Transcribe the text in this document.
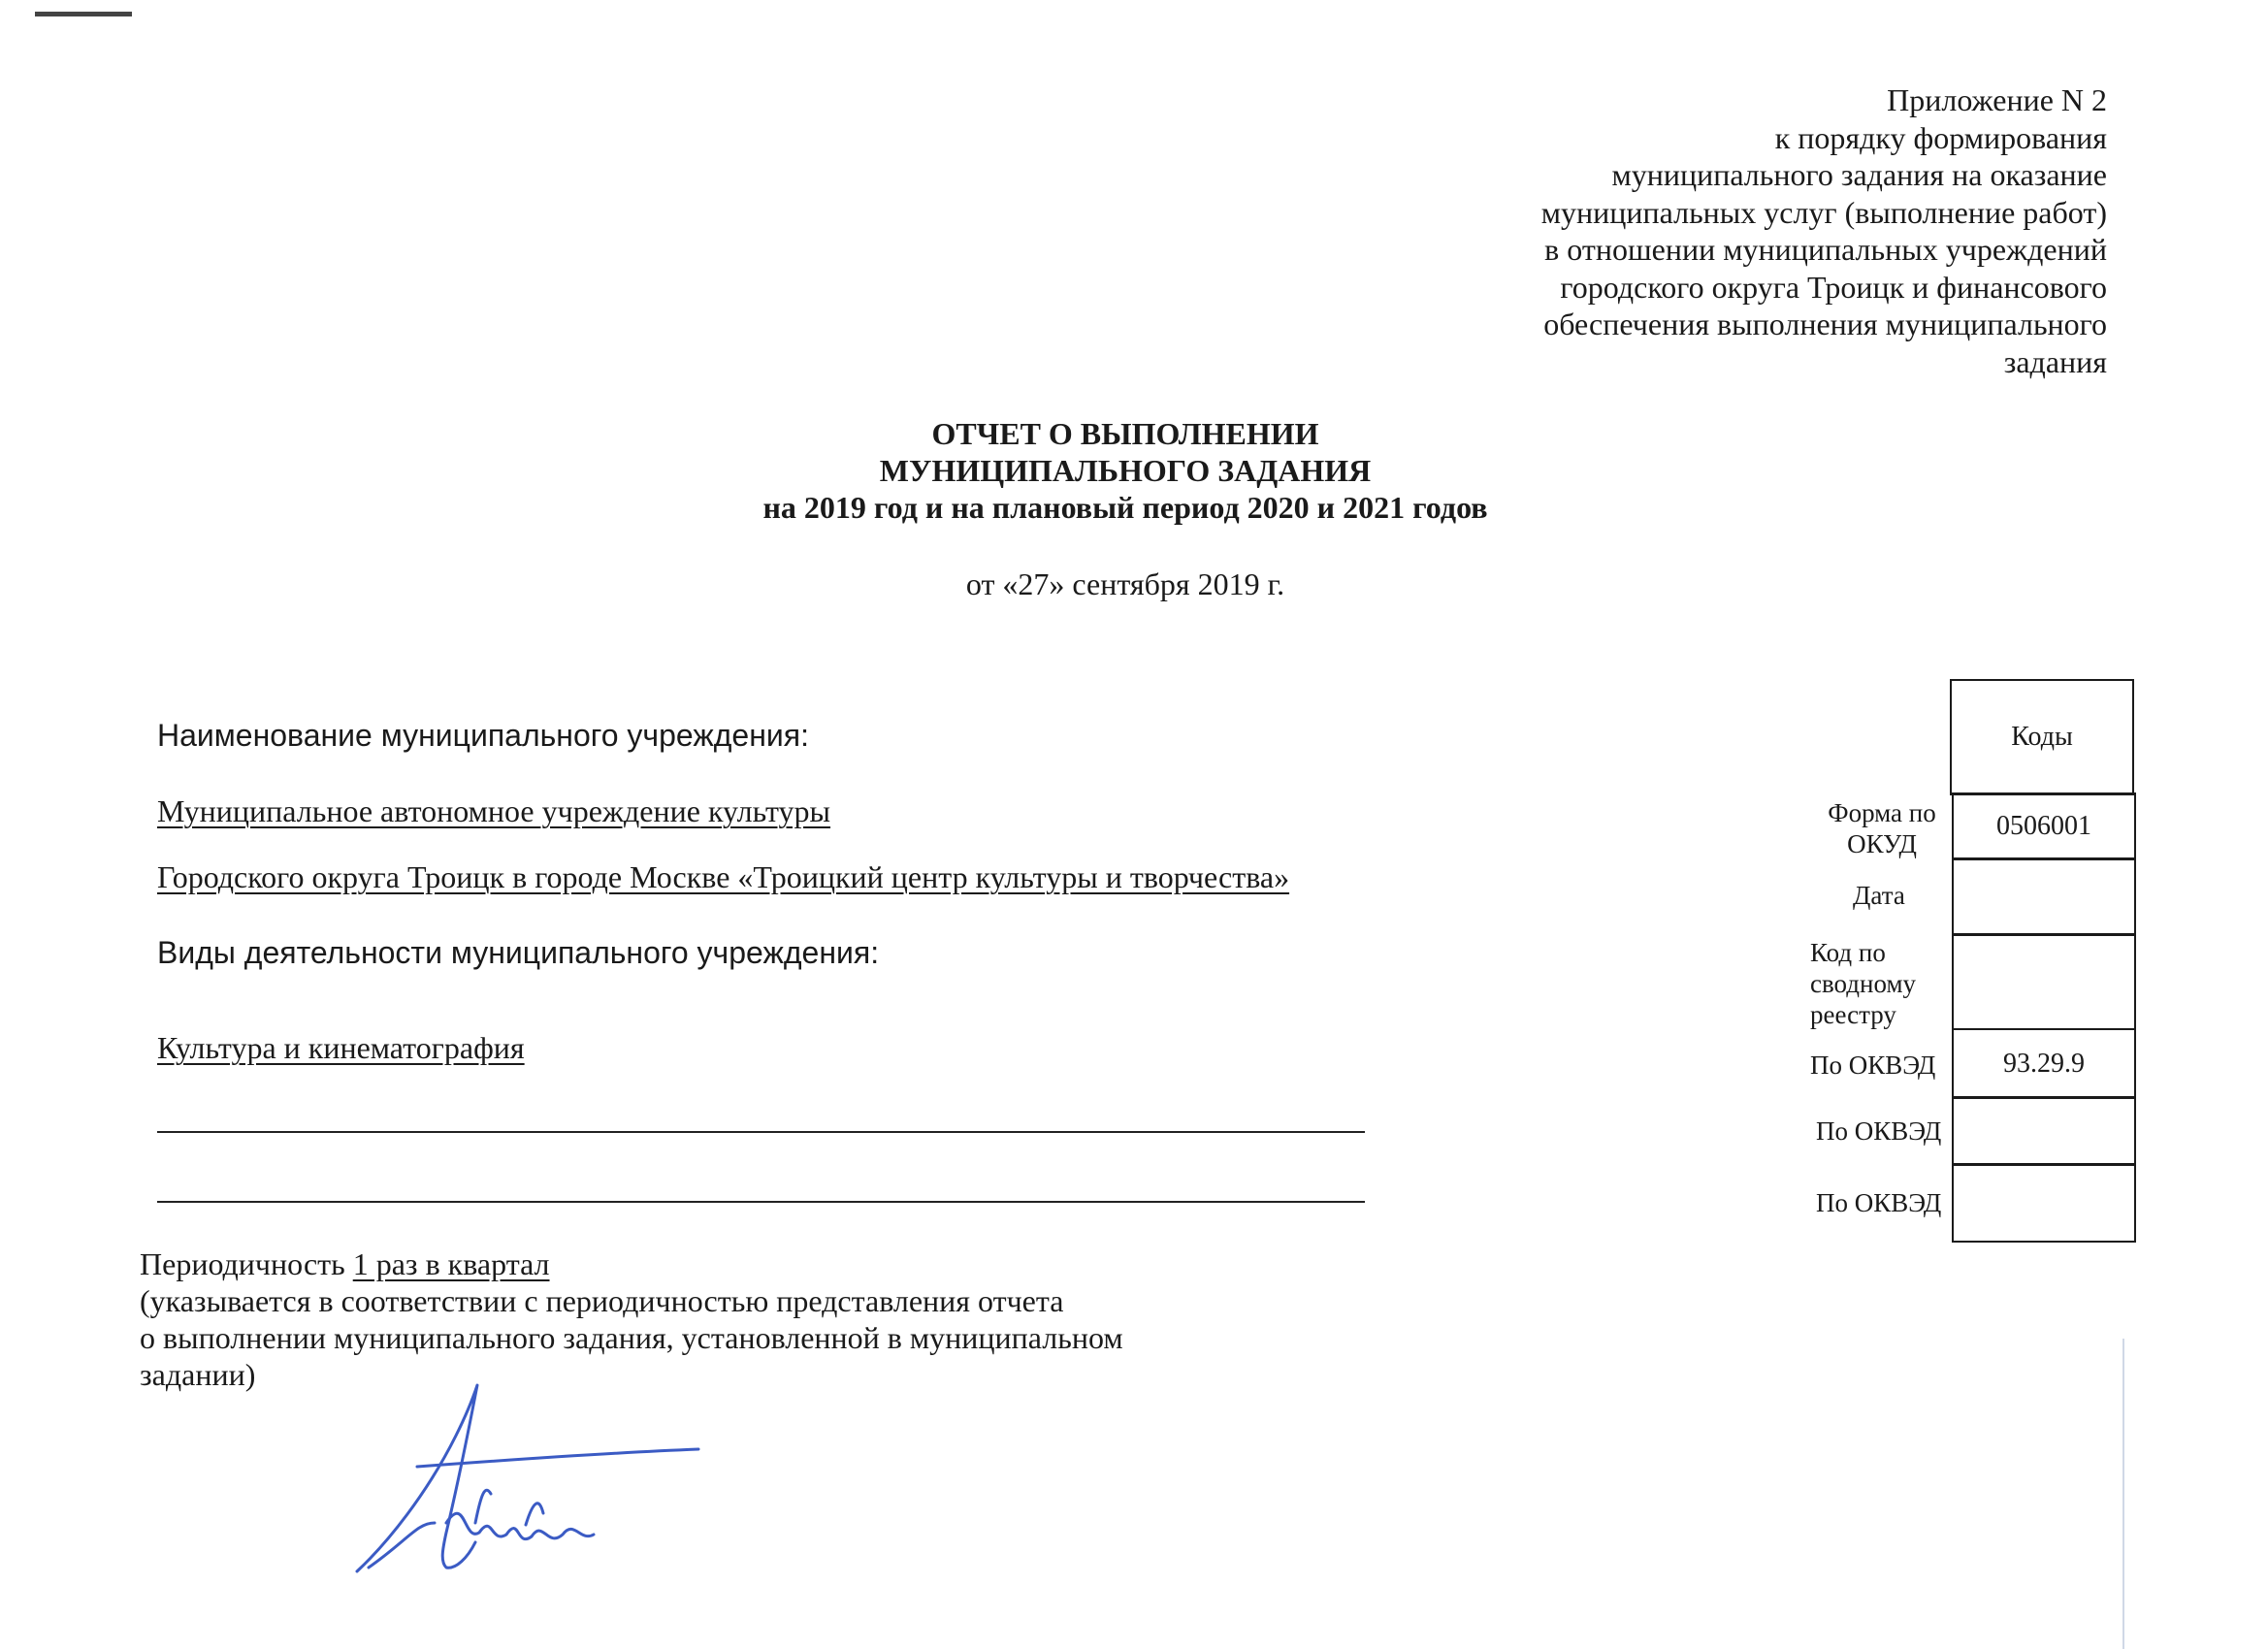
Приложение N 2
к порядку формирования
муниципального задания на оказание
муниципальных услуг (выполнение работ)
в отношении муниципальных учреждений
городского округа Троицк и финансового
обеспечения выполнения муниципального
задания
ОТЧЕТ О ВЫПОЛНЕНИИ
МУНИЦИПАЛЬНОГО ЗАДАНИЯ
на 2019 год и на плановый период 2020 и 2021 годов
от «27» сентября 2019 г.
Наименование муниципального учреждения:
Муниципальное автономное учреждение культуры
Городского округа Троицк в городе Москве «Троицкий центр культуры и творчества»
Виды деятельности муниципального учреждения:
Культура и кинематография
Периодичность 1 раз в квартал
(указывается в соответствии с периодичностью представления отчета
о выполнении муниципального задания, установленной в муниципальном
задании)
Коды
Форма по
ОКУД
0506001
Дата
Код по
сводному
реестру
По ОКВЭД	93.29.9
По ОКВЭД
По ОКВЭД
